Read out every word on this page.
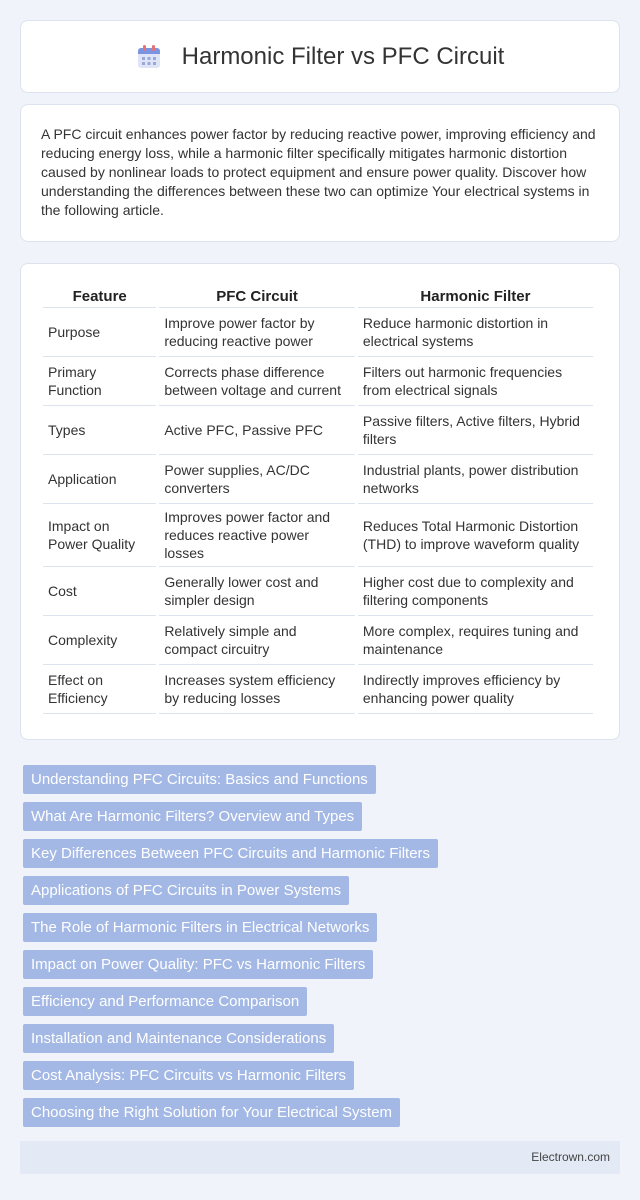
Harmonic Filter vs PFC Circuit

A PFC circuit enhances power factor by reducing reactive power, improving efficiency and reducing energy loss, while a harmonic filter specifically mitigates harmonic distortion caused by nonlinear loads to protect equipment and ensure power quality. Discover how understanding the differences between these two can optimize Your electrical systems in the following article.

Feature	PFC Circuit	Harmonic Filter
Purpose	Improve power factor by reducing reactive power	Reduce harmonic distortion in electrical systems
Primary Function	Corrects phase difference between voltage and current	Filters out harmonic frequencies from electrical signals
Types	Active PFC, Passive PFC	Passive filters, Active filters, Hybrid filters
Application	Power supplies, AC/DC converters	Industrial plants, power distribution networks
Impact on Power Quality	Improves power factor and reduces reactive power losses	Reduces Total Harmonic Distortion (THD) to improve waveform quality
Cost	Generally lower cost and simpler design	Higher cost due to complexity and filtering components
Complexity	Relatively simple and compact circuitry	More complex, requires tuning and maintenance
Effect on Efficiency	Increases system efficiency by reducing losses	Indirectly improves efficiency by enhancing power quality
Understanding PFC Circuits: Basics and Functions
What Are Harmonic Filters? Overview and Types
Key Differences Between PFC Circuits and Harmonic Filters
Applications of PFC Circuits in Power Systems
The Role of Harmonic Filters in Electrical Networks
Impact on Power Quality: PFC vs Harmonic Filters
Efficiency and Performance Comparison
Installation and Maintenance Considerations
Cost Analysis: PFC Circuits vs Harmonic Filters
Choosing the Right Solution for Your Electrical System
Electrown.com
